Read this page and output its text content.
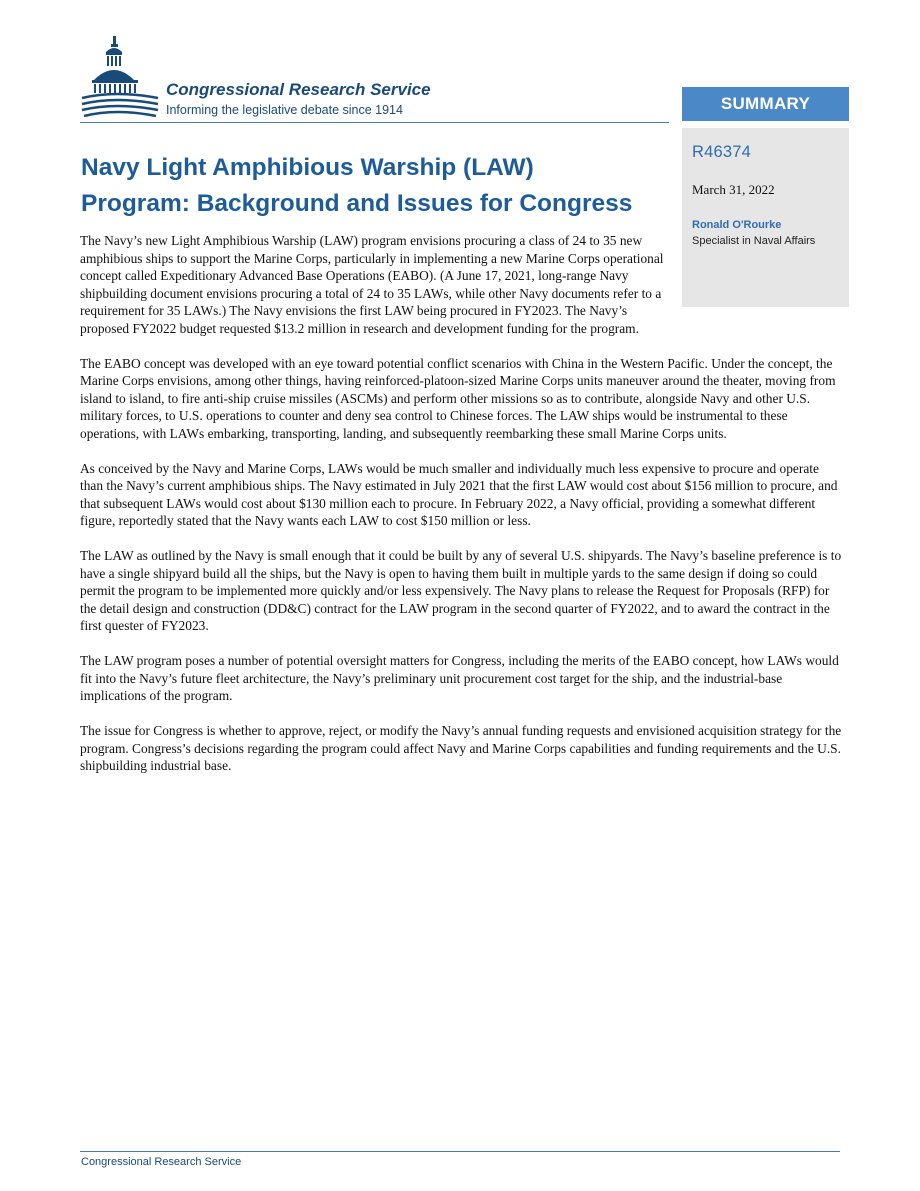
Congressional Research Service
Informing the legislative debate since 1914	SUMMARY
R46374
March 31, 2022
Ronald O'Rourke
Specialist in Naval Affairs
Navy Light Amphibious Warship (LAW)
Program: Background and Issues for Congress

The Navy’s new Light Amphibious Warship (LAW) program envisions procuring a class of 24 to 35 new amphibious ships to support the Marine Corps, particularly in implementing a new Marine Corps operational concept called Expeditionary Advanced Base Operations (EABO). (A June 17, 2021, long-range Navy shipbuilding document envisions procuring a total of 24 to 35 LAWs, while other Navy documents refer to a requirement for 35 LAWs.) The Navy envisions the first LAW being procured in FY2023. The Navy’s proposed FY2022 budget requested $13.2 million in research and development funding for the program.

The EABO concept was developed with an eye toward potential conflict scenarios with China in the Western Pacific. Under the concept, the Marine Corps envisions, among other things, having reinforced-platoon-sized Marine Corps units maneuver around the theater, moving from island to island, to fire anti-ship cruise missiles (ASCMs) and perform other missions so as to contribute, alongside Navy and other U.S. military forces, to U.S. operations to counter and deny sea control to Chinese forces. The LAW ships would be instrumental to these operations, with LAWs embarking, transporting, landing, and subsequently reembarking these small Marine Corps units.

As conceived by the Navy and Marine Corps, LAWs would be much smaller and individually much less expensive to procure and operate than the Navy’s current amphibious ships. The Navy estimated in July 2021 that the first LAW would cost about $156 million to procure, and that subsequent LAWs would cost about $130 million each to procure. In February 2022, a Navy official, providing a somewhat different figure, reportedly stated that the Navy wants each LAW to cost $150 million or less.

The LAW as outlined by the Navy is small enough that it could be built by any of several U.S. shipyards. The Navy’s baseline preference is to have a single shipyard build all the ships, but the Navy is open to having them built in multiple yards to the same design if doing so could permit the program to be implemented more quickly and/or less expensively. The Navy plans to release the Request for Proposals (RFP) for the detail design and construction (DD&C) contract for the LAW program in the second quarter of FY2022, and to award the contract in the first quester of FY2023.

The LAW program poses a number of potential oversight matters for Congress, including the merits of the EABO concept, how LAWs would fit into the Navy’s future fleet architecture, the Navy’s preliminary unit procurement cost target for the ship, and the industrial-base implications of the program.

The issue for Congress is whether to approve, reject, or modify the Navy’s annual funding requests and envisioned acquisition strategy for the program. Congress’s decisions regarding the program could affect Navy and Marine Corps capabilities and funding requirements and the U.S. shipbuilding industrial base.

Congressional Research Service
